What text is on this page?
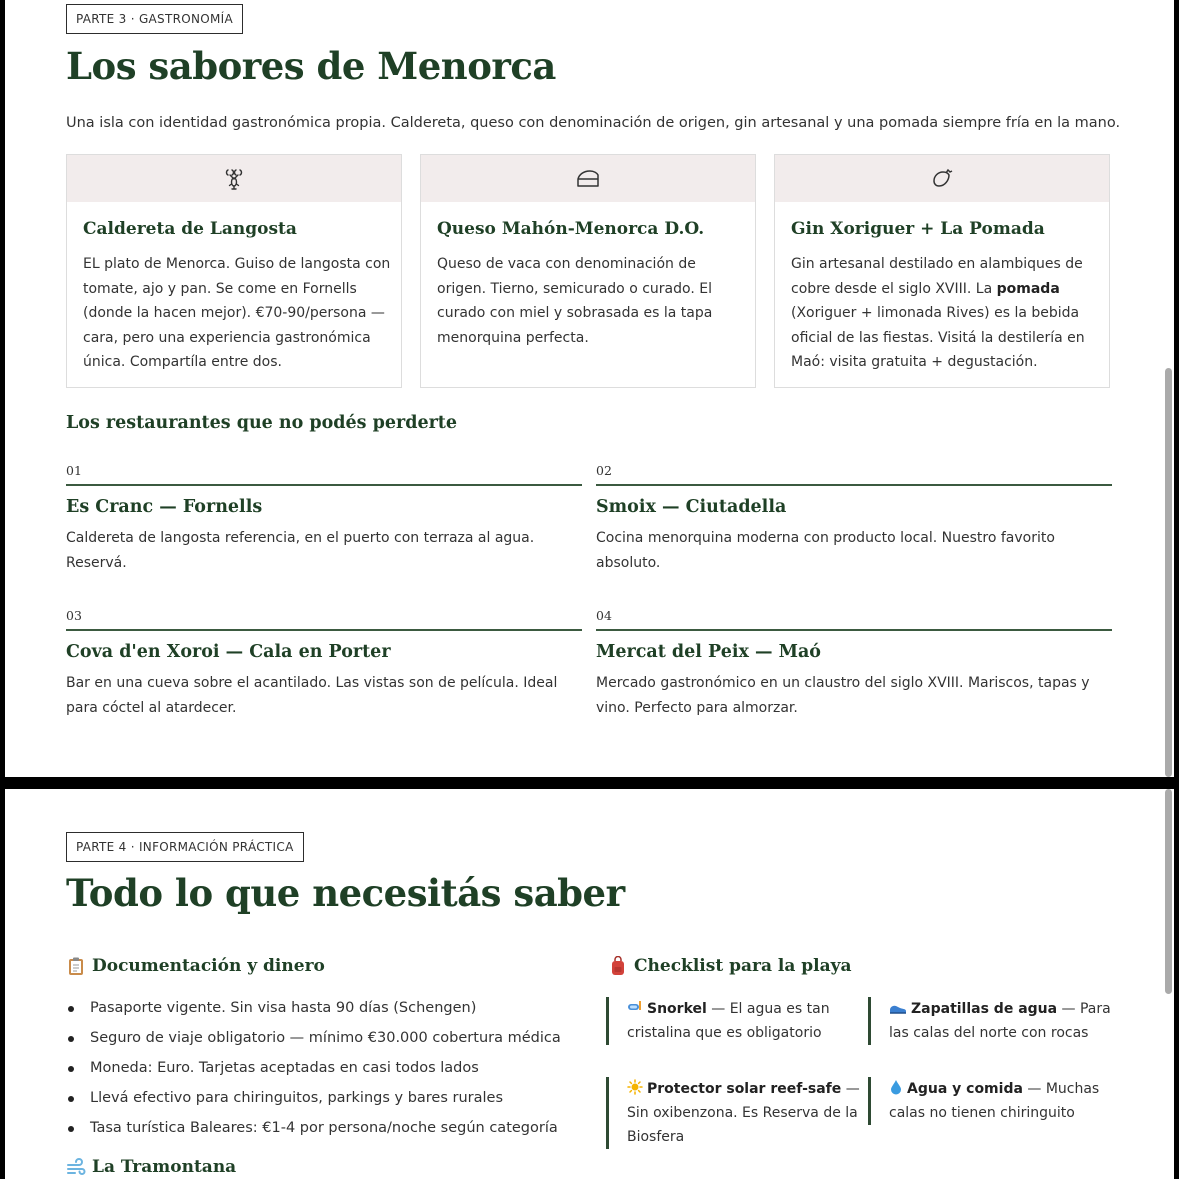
PARTE 3 · GASTRONOMÍA
Los sabores de Menorca

Una isla con identidad gastronómica propia. Caldereta, queso con denominación de origen, gin artesanal y una pomada siempre fría en la mano.

Caldereta de Langosta
EL plato de Menorca. Guiso de langosta con tomate, ajo y pan. Se come en Fornells (donde la hacen mejor). €70-90/persona — cara, pero una experiencia gastronómica única. Compartíla entre dos.
Queso Mahón-Menorca D.O.
Queso de vaca con denominación de origen. Tierno, semicurado o curado. El curado con miel y sobrasada es la tapa menorquina perfecta.
Gin Xoriguer + La Pomada
Gin artesanal destilado en alambiques de cobre desde el siglo XVIII. La pomada (Xoriguer + limonada Rives) es la bebida oficial de las fiestas. Visitá la destilería en Maó: visita gratuita + degustación.
Los restaurantes que no podés perderte
01
Es Cranc — Fornells
Caldereta de langosta referencia, en el puerto con terraza al agua. Reservá.
02
Smoix — Ciutadella
Cocina menorquina moderna con producto local. Nuestro favorito absoluto.
03
Cova d'en Xoroi — Cala en Porter
Bar en una cueva sobre el acantilado. Las vistas son de película. Ideal para cóctel al atardecer.
04
Mercat del Peix — Maó
Mercado gastronómico en un claustro del siglo XVIII. Mariscos, tapas y vino. Perfecto para almorzar.
PARTE 4 · INFORMACIÓN PRÁCTICA
Todo lo que necesitás saber
Documentación y dinero
Pasaporte vigente. Sin visa hasta 90 días (Schengen)
Seguro de viaje obligatorio — mínimo €30.000 cobertura médica
Moneda: Euro. Tarjetas aceptadas en casi todos lados
Llevá efectivo para chiringuitos, parkings y bares rurales
Tasa turística Baleares: €1-4 por persona/noche según categoría
La Tramontana
Checklist para la playa
Snorkel — El agua es tan cristalina que es obligatorio
Zapatillas de agua — Para las calas del norte con rocas
Protector solar reef-safe — Sin oxibenzona. Es Reserva de la Biosfera
Agua y comida — Muchas calas no tienen chiringuito
